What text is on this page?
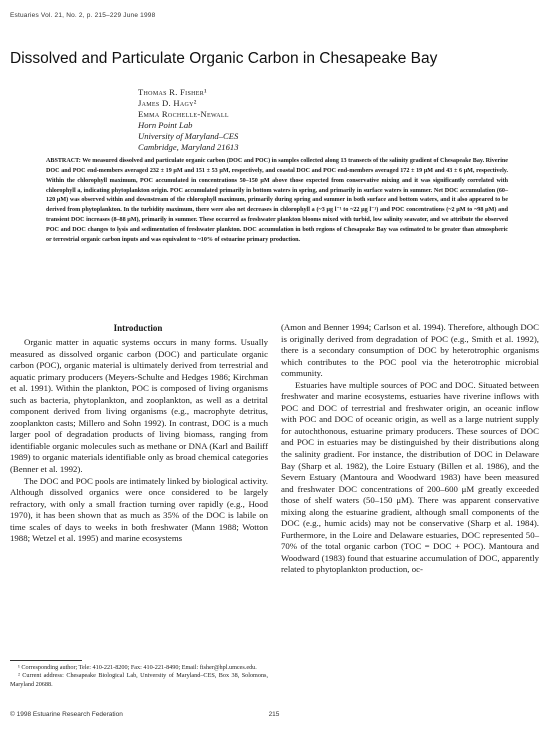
Estuaries Vol. 21, No. 2, p. 215–229 June 1998
Dissolved and Particulate Organic Carbon in Chesapeake Bay
Thomas R. Fisher¹
James D. Hagy²
Emma Rochelle-Newall
Horn Point Lab
University of Maryland–CES
Cambridge, Maryland 21613
ABSTRACT: We measured dissolved and particulate organic carbon (DOC and POC) in samples collected along 13 transects of the salinity gradient of Chesapeake Bay. Riverine DOC and POC end-members averaged 232 ± 19 μM and 151 ± 53 μM, respectively, and coastal DOC and POC end-members averaged 172 ± 19 μM and 43 ± 6 μM, respectively. Within the chlorophyll maximum, POC accumulated in concentrations 50–150 μM above those expected from conservative mixing and it was significantly correlated with chlorophyll a, indicating phytoplankton origin. POC accumulated primarily in bottom waters in spring, and primarily in surface waters in summer. Net DOC accumulation (60–120 μM) was observed within and downstream of the chlorophyll maximum, primarily during spring and summer in both surface and bottom waters, and it also appeared to be derived from phytoplankton. In the turbidity maximum, there were also net decreases in chlorophyll a (~3 μg l⁻¹ to ~22 μg l⁻¹) and POC concentrations (~2 μM to ~98 μM) and transient DOC increases (8–88 μM), primarily in summer. These occurred as freshwater plankton blooms mixed with turbid, low salinity seawater, and we attribute the observed POC and DOC changes to lysis and sedimentation of freshwater plankton. DOC accumulation in both regions of Chesapeake Bay was estimated to be greater than atmospheric or terrestrial organic carbon inputs and was equivalent to ~10% of estuarine primary production.
Introduction

Organic matter in aquatic systems occurs in many forms. Usually measured as dissolved organic carbon (DOC) and particulate organic carbon (POC), organic material is ultimately derived from terrestrial and aquatic primary producers (Meyers-Schulte and Hedges 1986; Kirchman et al. 1991). Within the plankton, POC is composed of living organisms such as bacteria, phytoplankton, and zooplankton, as well as a detrital component derived from living organisms (e.g., macrophyte detritus, zooplankton casts; Millero and Sohn 1992). In contrast, DOC is a much larger pool of degradation products of living biomass, ranging from identifiable organic molecules such as methane or DNA (Karl and Bailiff 1989) to organic materials identifiable only as broad chemical categories (Benner et al. 1992).

The DOC and POC pools are intimately linked by biological activity. Although dissolved organics were once considered to be largely refractory, with only a small fraction turning over rapidly (e.g., Hood 1970), it has been shown that as much as 35% of the DOC is labile on time scales of days to weeks in both freshwater (Mann 1988; Wotton 1988; Wetzel et al. 1995) and marine ecosystems

(Amon and Benner 1994; Carlson et al. 1994). Therefore, although DOC is originally derived from degradation of POC (e.g., Smith et al. 1992), there is a secondary consumption of DOC by heterotrophic organisms which contributes to the POC pool via the heterotrophic microbial community.

Estuaries have multiple sources of POC and DOC. Situated between freshwater and marine ecosystems, estuaries have riverine inflows with POC and DOC of terrestrial and freshwater origin, an oceanic inflow with POC and DOC of oceanic origin, as well as a large nutrient supply for autochthonous, estuarine primary producers. These sources of DOC and POC in estuaries may be distinguished by their distributions along the salinity gradient. For instance, the distribution of DOC in Delaware Bay (Sharp et al. 1982), the Loire Estuary (Billen et al. 1986), and the Severn Estuary (Mantoura and Woodward 1983) have been measured and freshwater DOC concentrations of 200–600 μM greatly exceeded those of shelf waters (50–150 μM). There was apparent conservative mixing along the estuarine gradient, although small components of the DOC (e.g., humic acids) may not be conservative (Sharp et al. 1984). Furthermore, in the Loire and Delaware estuaries, DOC represented 50–70% of the total organic carbon (TOC = DOC + POC). Mantoura and Woodward (1983) found that estuarine accumulation of DOC, apparently related to phytoplankton production, oc-

¹ Corresponding author; Tele: 410-221-8200; Fax: 410-221-8490; Email: fisher@hpl.umces.edu.

² Current address: Chesapeake Biological Lab, University of Maryland–CES, Box 38, Solomons, Maryland 20688.

© 1998 Estuarine Research Federation	215
